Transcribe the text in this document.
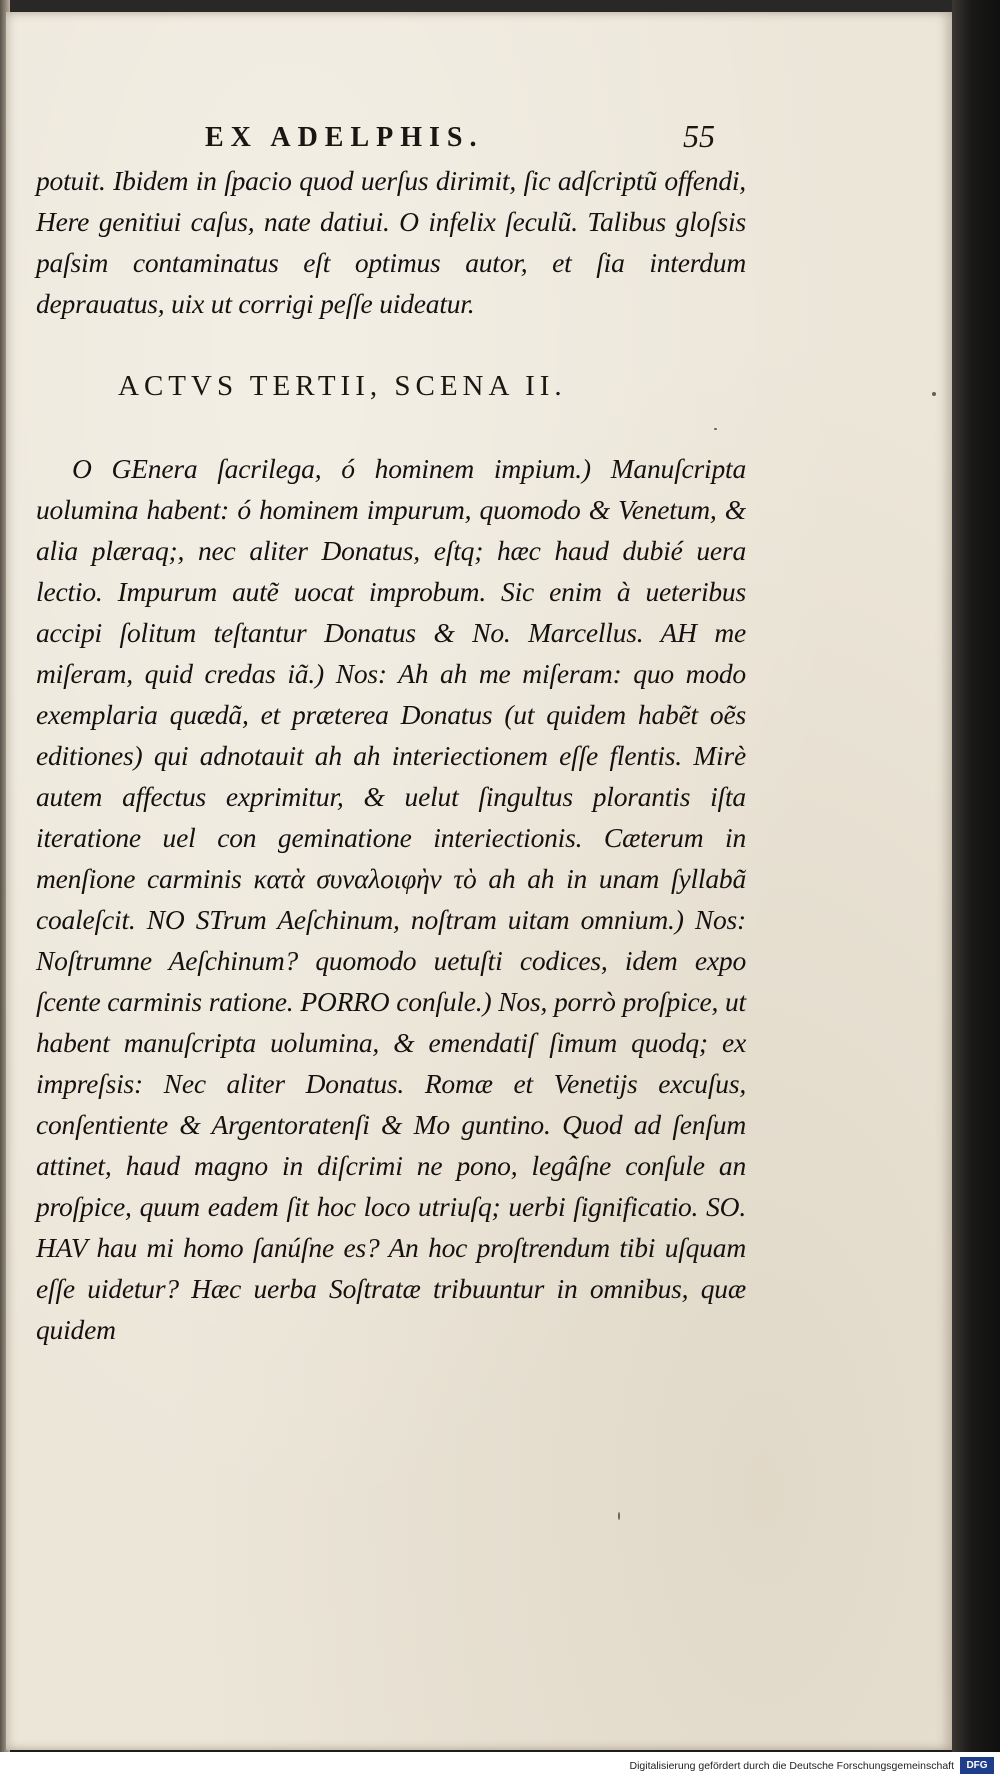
EX ADELPHIS.	55

potuit. Ibidem in ſpacio quod uerſus dirimit, ſic adſcriptũ offendi, Here genitiui caſus, nate datiui. O infelix ſeculũ. Talibus gloſsis paſsim contaminatus eſt optimus autor, et ſia interdum deprauatus, uix ut corrigi peſſe uideatur.

ACTVS TERTII, SCENA II.

O GEnera ſacrilega, ó hominem impium.) Manuſcripta uolumina habent: ó hominem impurum, quomodo & Venetum, & alia plæraq;, nec aliter Donatus, eſtq; hæc haud dubié uera lectio. Impurum autẽ uocat improbum. Sic enim à ueteribus accipi ſolitum teſtantur Donatus & No. Marcellus. AH me miſeram, quid credas iã.) Nos: Ah ah me miſeram: quo modo exemplaria quædã, et præterea Donatus (ut quidem habẽt oẽs editiones) qui adnotauit ah ah interiectionem eſſe flentis. Mirè autem affectus exprimitur, & uelut ſingultus plorantis iſta iteratione uel con geminatione interiectionis. Cæterum in menſione carminis κατὰ συναλοιφὴν τὸ ah ah in unam ſyllabã coaleſcit. NO STrum Aeſchinum, noſtram uitam omnium.) Nos: Noſtrumne Aeſchinum? quomodo uetuſti codices, idem expo ſcente carminis ratione. PORRO conſule.) Nos, porrò proſpice, ut habent manuſcripta uolumina, & emendatiſ ſimum quodq; ex impreſsis: Nec aliter Donatus. Romæ et Venetijs excuſus, conſentiente & Argentoratenſi & Mo guntino. Quod ad ſenſum attinet, haud magno in diſcrimi ne pono, legâſne conſule an proſpice, quum eadem ſit hoc loco utriuſq; uerbi ſignificatio. SO. HAV hau mi homo ſanúſne es? An hoc proſtrendum tibi uſquam eſſe uidetur? Hæc uerba Soſtratæ tribuuntur in omnibus, quæ quidem

Digitalisierung gefördert durch die Deutsche Forschungsgemeinschaft	DFG
